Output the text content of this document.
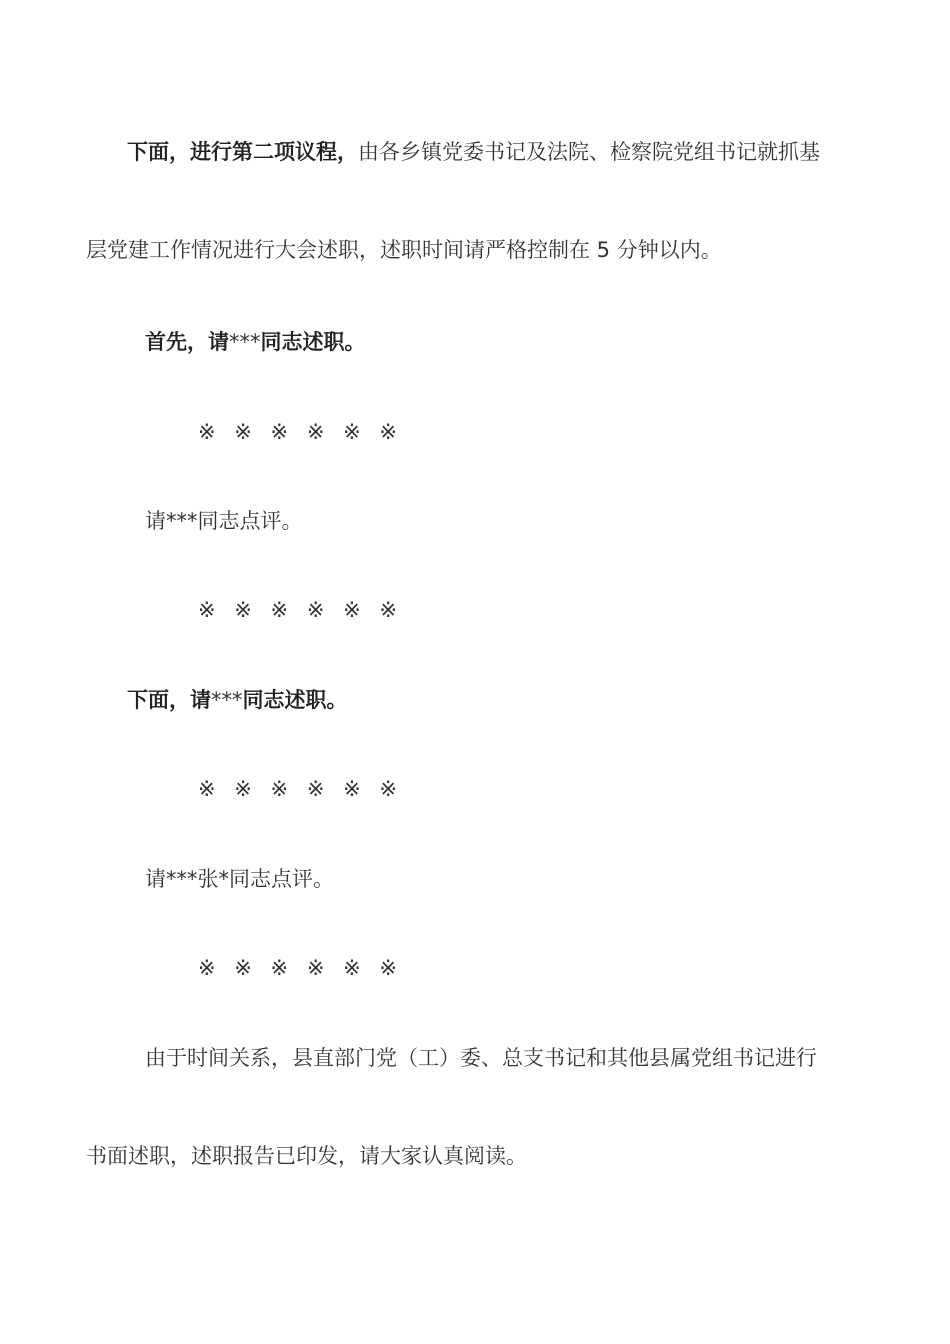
下面，进行第二项议程，由各乡镇党委书记及法院、检察院党组书记就抓基
层党建工作情况进行大会述职，述职时间请严格控制在 5 分钟以内。
首先，请***同志述职。
※ ※ ※ ※ ※ ※
请***同志点评。
※ ※ ※ ※ ※ ※
下面，请***同志述职。
※ ※ ※ ※ ※ ※
请***张*同志点评。
※ ※ ※ ※ ※ ※
由于时间关系，县直部门党（工）委、总支书记和其他县属党组书记进行
书面述职，述职报告已印发，请大家认真阅读。
